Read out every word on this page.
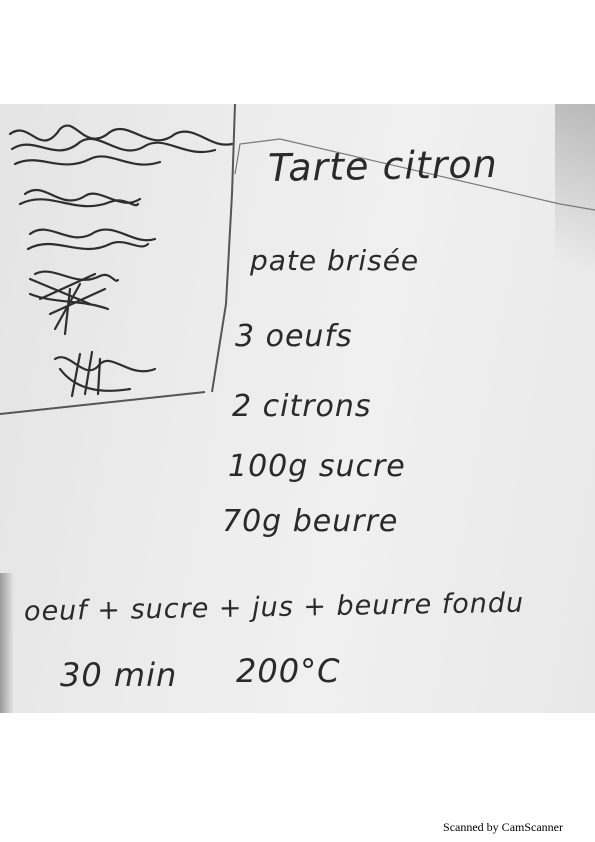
Tarte citron
pate brisée
3 oeufs
2 citrons
100g sucre
70g beurre
oeuf + sucre + jus + beurre fondu
30 min 200°C
Scanned by CamScanner
